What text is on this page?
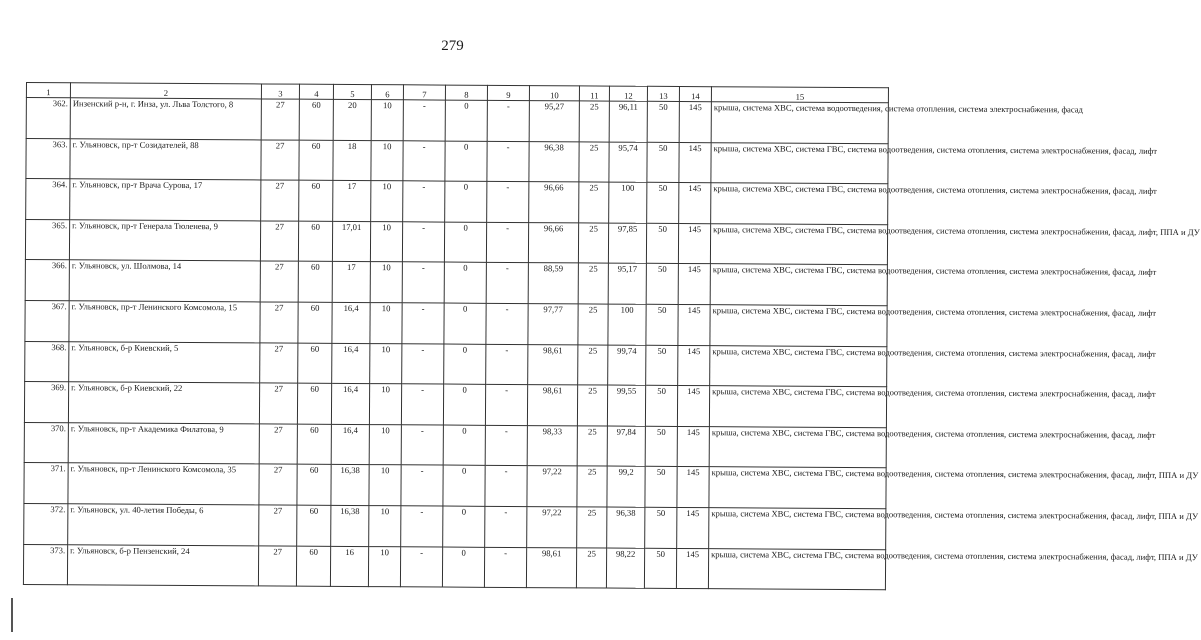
279
1	2	3	4	5	6	7	8	9	10	11	12	13	14	15
362.	Инзенский р-н, г. Инза, ул. Льва Толстого, 8	27	60	20	10	-	0	-	95,27	25	96,11	50	145	крыша, система ХВС, система водоотведения, система отопления, система электроснабжения, фасад
363.	г. Ульяновск, пр-т Созидателей, 88	27	60	18	10	-	0	-	96,38	25	95,74	50	145	крыша, система ХВС, система ГВС, система водоотведения, система отопления, система электроснабжения, фасад, лифт
364.	г. Ульяновск, пр-т Врача Сурова, 17	27	60	17	10	-	0	-	96,66	25	100	50	145	крыша, система ХВС, система ГВС, система водоотведения, система отопления, система электроснабжения, фасад, лифт
365.	г. Ульяновск, пр-т Генерала Тюленева, 9	27	60	17,01	10	-	0	-	96,66	25	97,85	50	145	крыша, система ХВС, система ГВС, система водоотведения, система отопления, система электроснабжения, фасад, лифт, ППА и ДУ
366.	г. Ульяновск, ул. Шолмова, 14	27	60	17	10	-	0	-	88,59	25	95,17	50	145	крыша, система ХВС, система ГВС, система водоотведения, система отопления, система электроснабжения, фасад, лифт
367.	г. Ульяновск, пр-т Ленинского Комсомола, 15	27	60	16,4	10	-	0	-	97,77	25	100	50	145	крыша, система ХВС, система ГВС, система водоотведения, система отопления, система электроснабжения, фасад, лифт
368.	г. Ульяновск, б-р Киевский, 5	27	60	16,4	10	-	0	-	98,61	25	99,74	50	145	крыша, система ХВС, система ГВС, система водоотведения, система отопления, система электроснабжения, фасад, лифт
369.	г. Ульяновск, б-р Киевский, 22	27	60	16,4	10	-	0	-	98,61	25	99,55	50	145	крыша, система ХВС, система ГВС, система водоотведения, система отопления, система электроснабжения, фасад, лифт
370.	г. Ульяновск, пр-т Академика Филатова, 9	27	60	16,4	10	-	0	-	98,33	25	97,84	50	145	крыша, система ХВС, система ГВС, система водоотведения, система отопления, система электроснабжения, фасад, лифт
371.	г. Ульяновск, пр-т Ленинского Комсомола, 35	27	60	16,38	10	-	0	-	97,22	25	99,2	50	145	крыша, система ХВС, система ГВС, система водоотведения, система отопления, система электроснабжения, фасад, лифт, ППА и ДУ
372.	г. Ульяновск, ул. 40-летия Победы, 6	27	60	16,38	10	-	0	-	97,22	25	96,38	50	145	крыша, система ХВС, система ГВС, система водоотведения, система отопления, система электроснабжения, фасад, лифт, ППА и ДУ
373.	г. Ульяновск, б-р Пензенский, 24	27	60	16	10	-	0	-	98,61	25	98,22	50	145	крыша, система ХВС, система ГВС, система водоотведения, система отопления, система электроснабжения, фасад, лифт, ППА и ДУ
